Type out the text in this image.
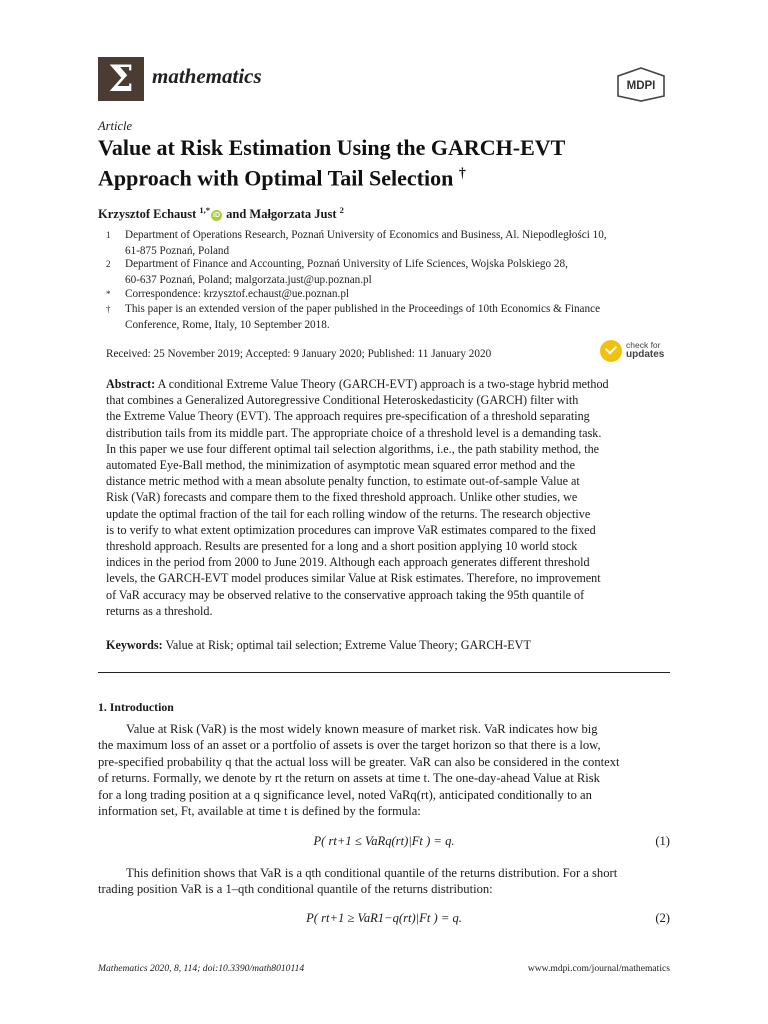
Σ mathematics	MDPI
Article
Value at Risk Estimation Using the GARCH-EVT
Approach with Optimal Tail Selection †
Krzysztof Echaust $^{1,*}$iD and Małgorzata Just $^2$
1 Department of Operations Research, Poznań University of Economics and Business, Al. Niepodległości 10,
61-875 Poznań, Poland
2 Department of Finance and Accounting, Poznań University of Life Sciences, Wojska Polskiego 28,
60-637 Poznań, Poland; malgorzata.just@up.poznan.pl
* Correspondence: krzysztof.echaust@ue.poznan.pl
† This paper is an extended version of the paper published in the Proceedings of 10th Economics & Finance
Conference, Rome, Italy, 10 September 2018.
Received: 25 November 2019; Accepted: 9 January 2020; Published: 11 January 2020
check for
updates
Abstract: A conditional Extreme Value Theory (GARCH-EVT) approach is a two-stage hybrid method
that combines a Generalized Autoregressive Conditional Heteroskedasticity (GARCH) filter with
the Extreme Value Theory (EVT). The approach requires pre-specification of a threshold separating
distribution tails from its middle part. The appropriate choice of a threshold level is a demanding task.
In this paper we use four different optimal tail selection algorithms, i.e., the path stability method, the
automated Eye-Ball method, the minimization of asymptotic mean squared error method and the
distance metric method with a mean absolute penalty function, to estimate out-of-sample Value at
Risk (VaR) forecasts and compare them to the fixed threshold approach. Unlike other studies, we
update the optimal fraction of the tail for each rolling window of the returns. The research objective
is to verify to what extent optimization procedures can improve VaR estimates compared to the fixed
threshold approach. Results are presented for a long and a short position applying 10 world stock
indices in the period from 2000 to June 2019. Although each approach generates different threshold
levels, the GARCH-EVT model produces similar Value at Risk estimates. Therefore, no improvement
of VaR accuracy may be observed relative to the conservative approach taking the 95th quantile of
returns as a threshold.
Keywords: Value at Risk; optimal tail selection; Extreme Value Theory; GARCH-EVT
1. Introduction
Value at Risk (VaR) is the most widely known measure of market risk. VaR indicates how big
the maximum loss of an asset or a portfolio of assets is over the target horizon so that there is a low,
pre-specified probability q that the actual loss will be greater. VaR can also be considered in the context
of returns. Formally, we denote by rt the return on assets at time t. The one-day-ahead Value at Risk
for a long trading position at a q significance level, noted VaRq(rt), anticipated conditionally to an
information set, Ft, available at time t is defined by the formula:
P( rt+1 ≤ VaRq(rt)|Ft ) = q.	(1)
This definition shows that VaR is a qth conditional quantile of the returns distribution. For a short
trading position VaR is a 1–qth conditional quantile of the returns distribution:
P( rt+1 ≥ VaR1−q(rt)|Ft ) = q.	(2)
Mathematics 2020, 8, 114; doi:10.3390/math8010114	www.mdpi.com/journal/mathematics
